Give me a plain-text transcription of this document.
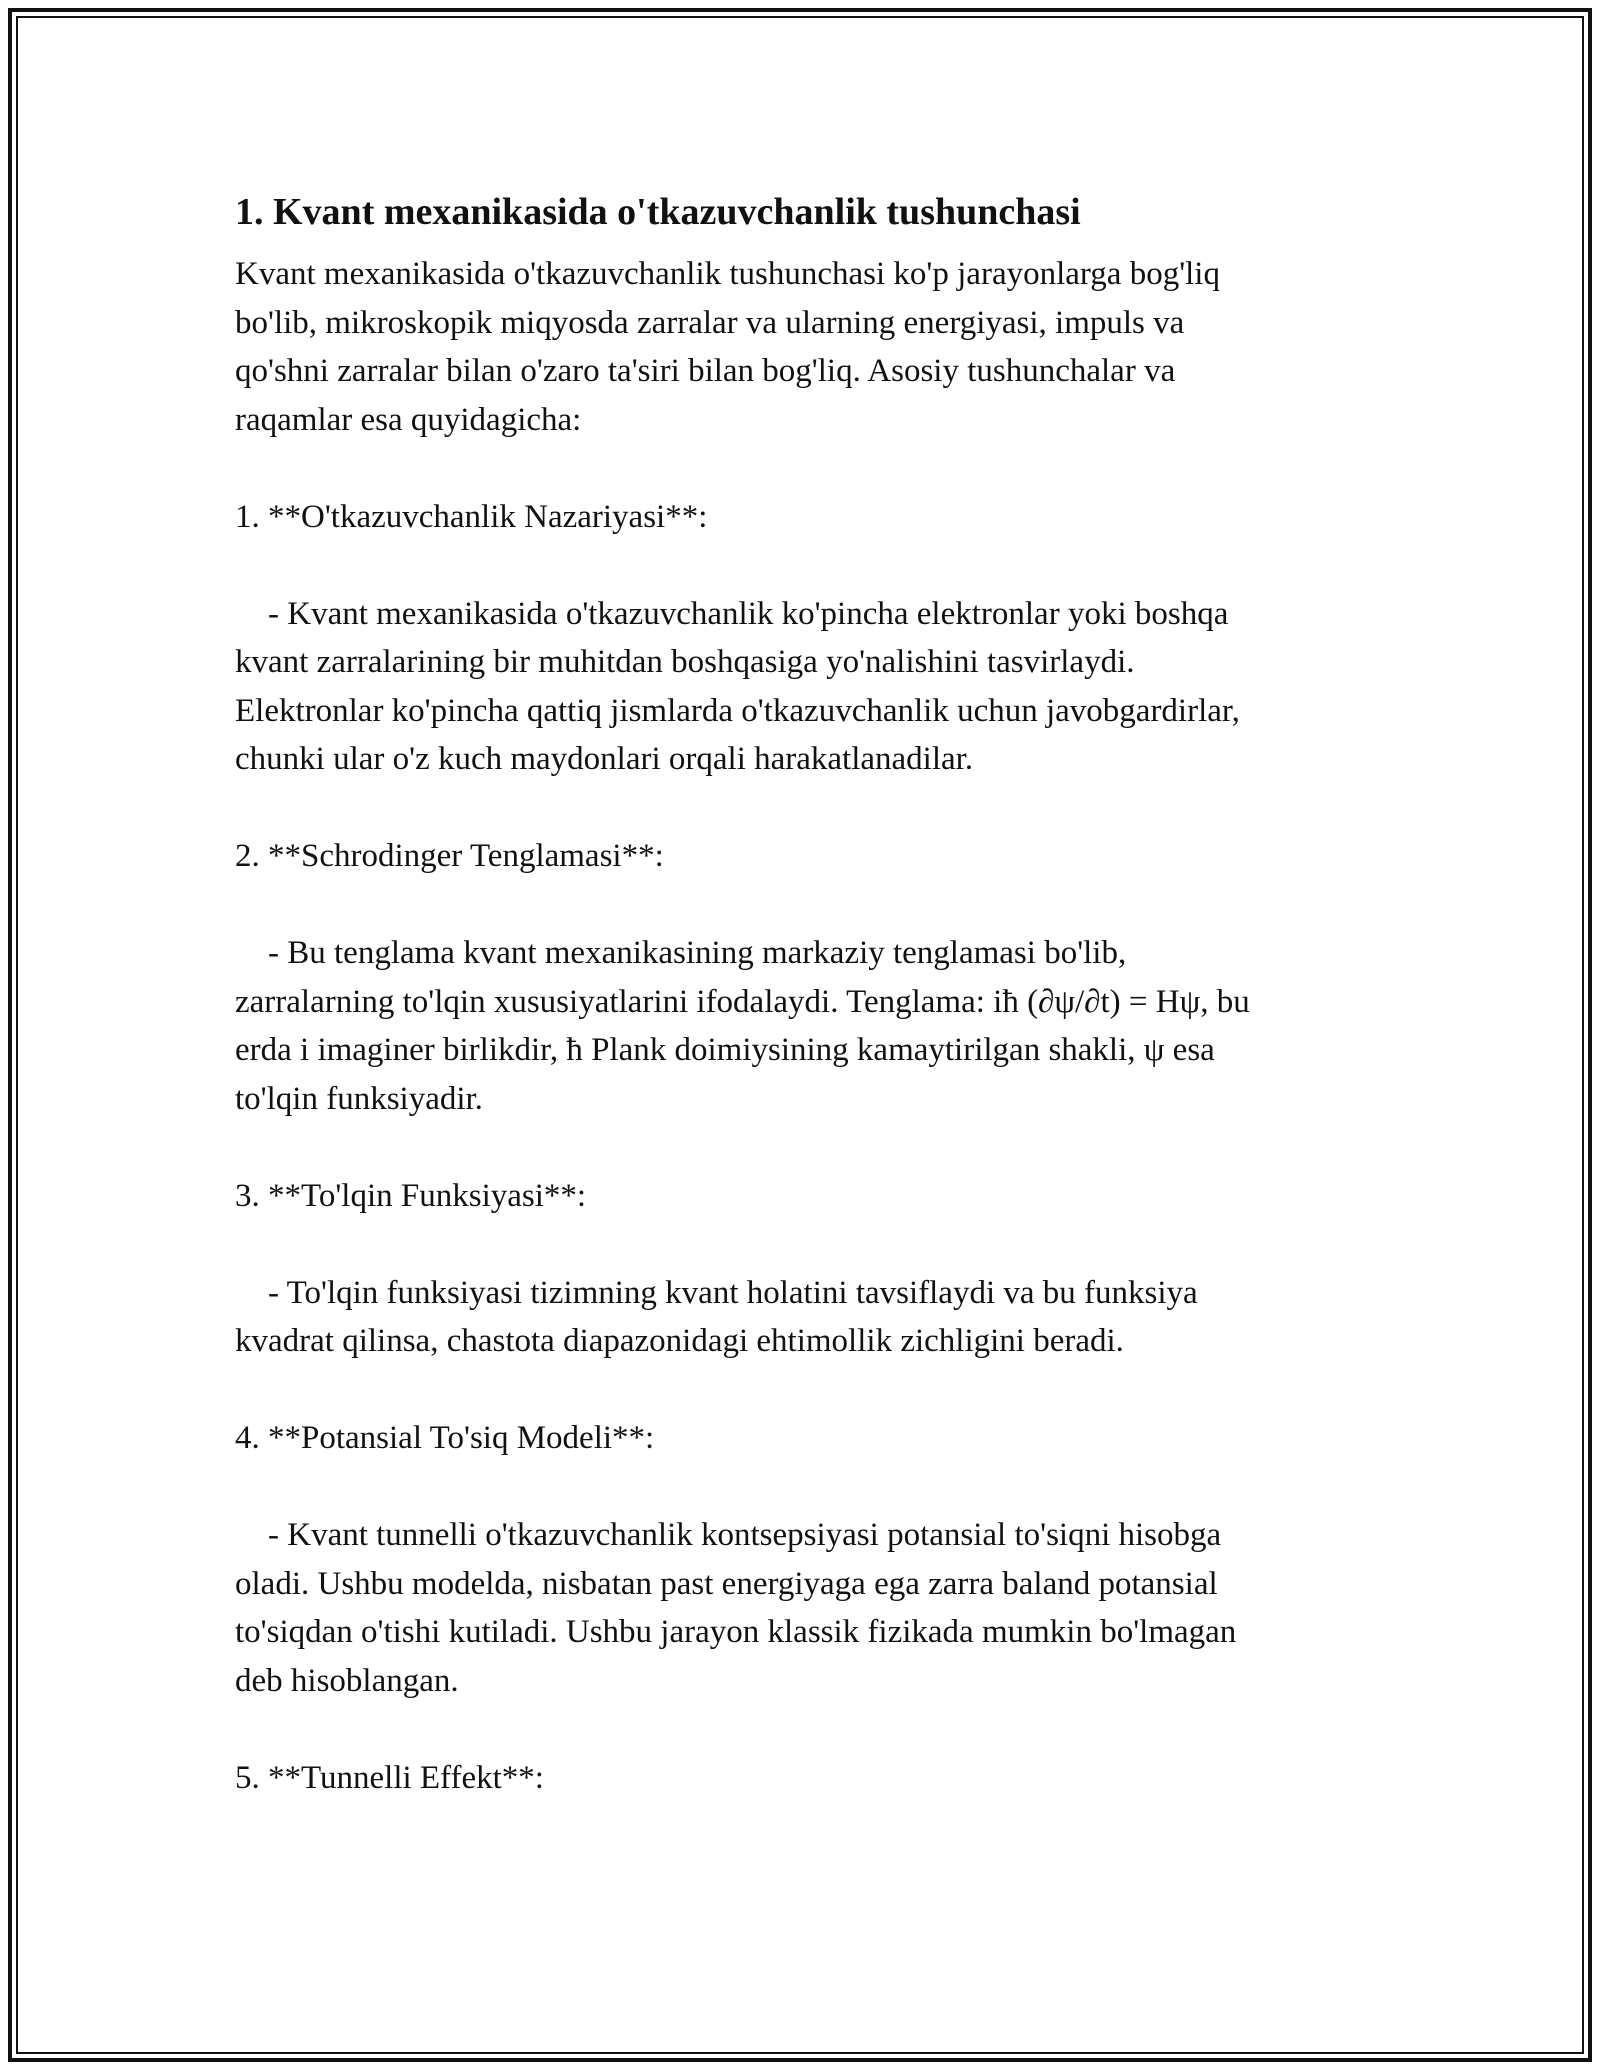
1. Kvant mexanikasida o'tkazuvchanlik tushunchasi

Kvant mexanikasida o'tkazuvchanlik tushunchasi ko'p jarayonlarga bog'liq
bo'lib, mikroskopik miqyosda zarralar va ularning energiyasi, impuls va
qo'shni zarralar bilan o'zaro ta'siri bilan bog'liq. Asosiy tushunchalar va
raqamlar esa quyidagicha:

1. **O'tkazuvchanlik Nazariyasi**:

- Kvant mexanikasida o'tkazuvchanlik ko'pincha elektronlar yoki boshqa
kvant zarralarining bir muhitdan boshqasiga yo'nalishini tasvirlaydi.
Elektronlar ko'pincha qattiq jismlarda o'tkazuvchanlik uchun javobgardirlar,
chunki ular o'z kuch maydonlari orqali harakatlanadilar.

2. **Schrodinger Tenglamasi**:

- Bu tenglama kvant mexanikasining markaziy tenglamasi bo'lib,
zarralarning to'lqin xususiyatlarini ifodalaydi. Tenglama: iħ (∂ψ/∂t) = Hψ, bu
erda i imaginer birlikdir, ħ Plank doimiysining kamaytirilgan shakli, ψ esa
to'lqin funksiyadir.

3. **To'lqin Funksiyasi**:

- To'lqin funksiyasi tizimning kvant holatini tavsiflaydi va bu funksiya
kvadrat qilinsa, chastota diapazonidagi ehtimollik zichligini beradi.

4. **Potansial To'siq Modeli**:

- Kvant tunnelli o'tkazuvchanlik kontsepsiyasi potansial to'siqni hisobga
oladi. Ushbu modelda, nisbatan past energiyaga ega zarra baland potansial
to'siqdan o'tishi kutiladi. Ushbu jarayon klassik fizikada mumkin bo'lmagan
deb hisoblangan.

5. **Tunnelli Effekt**:
